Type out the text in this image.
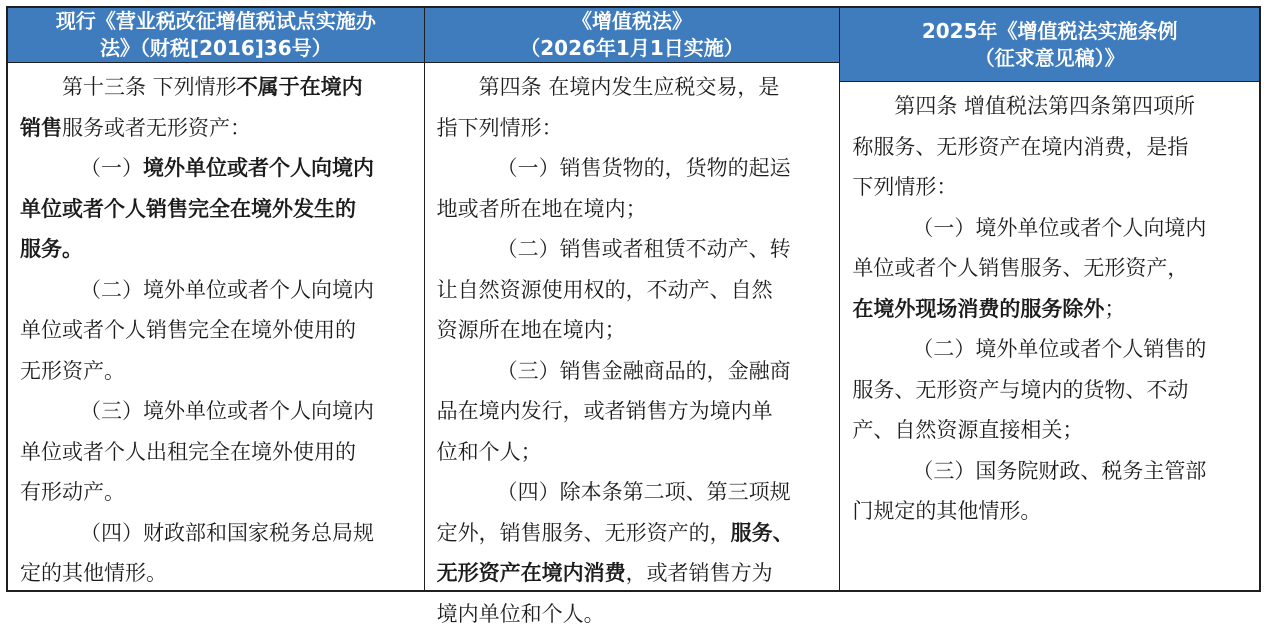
现行《营业税改征增值税试点实施办
法》（财税[2016]36号）
第十三条 下列情形不属于在境内
销售服务或者无形资产：
（一）境外单位或者个人向境内
单位或者个人销售完全在境外发生的
服务。
（二）境外单位或者个人向境内
单位或者个人销售完全在境外使用的
无形资产。
（三）境外单位或者个人向境内
单位或者个人出租完全在境外使用的
有形动产。
（四）财政部和国家税务总局规
定的其他情形。
《增值税法》
（2026年1月1日实施）
第四条 在境内发生应税交易，是
指下列情形：
（一）销售货物的，货物的起运
地或者所在地在境内；
（二）销售或者租赁不动产、转
让自然资源使用权的，不动产、自然
资源所在地在境内；
（三）销售金融商品的，金融商
品在境内发行，或者销售方为境内单
位和个人；
（四）除本条第二项、第三项规
定外，销售服务、无形资产的，服务、
无形资产在境内消费，或者销售方为
境内单位和个人。
2025年《增值税法实施条例
（征求意见稿）》
第四条 增值税法第四条第四项所
称服务、无形资产在境内消费，是指
下列情形：
（一）境外单位或者个人向境内
单位或者个人销售服务、无形资产，
在境外现场消费的服务除外；
（二）境外单位或者个人销售的
服务、无形资产与境内的货物、不动
产、自然资源直接相关；
（三）国务院财政、税务主管部
门规定的其他情形。
